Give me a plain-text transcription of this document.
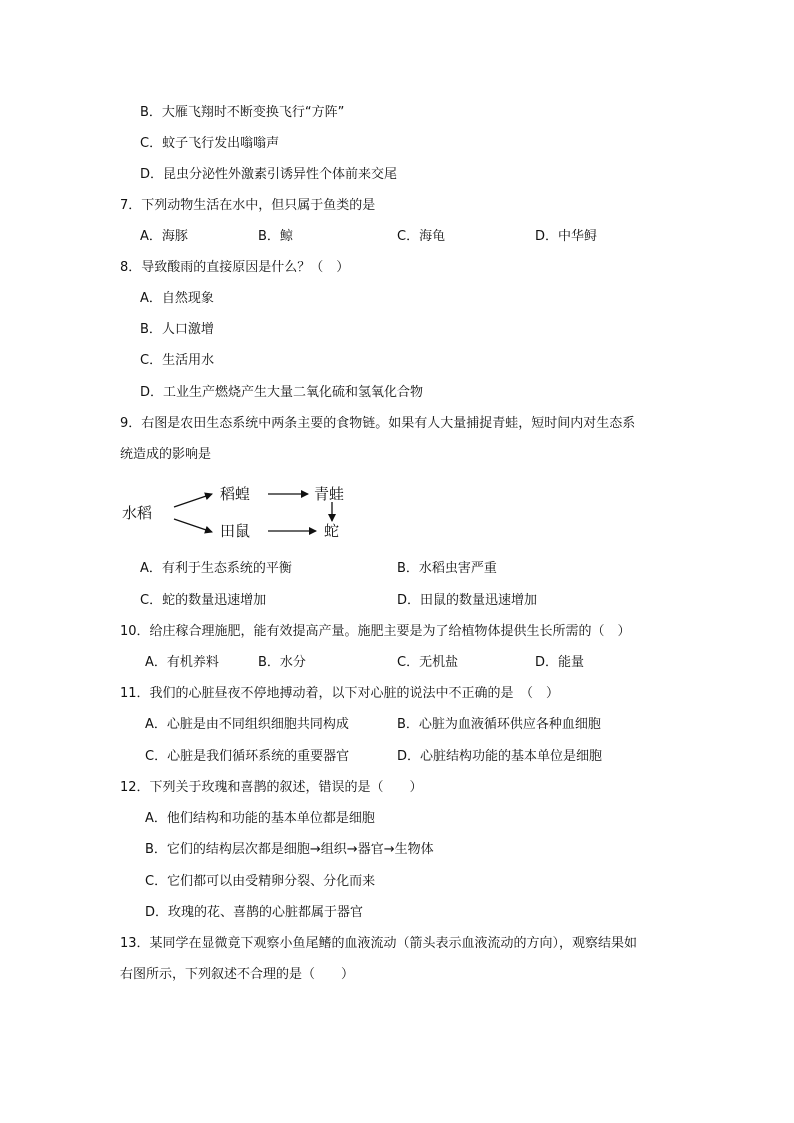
B．大雁飞翔时不断变换飞行“方阵”
C．蚊子飞行发出嗡嗡声
D．昆虫分泌性外激素引诱异性个体前来交尾
7．下列动物生活在水中，但只属于鱼类的是
A．海豚	B．鲸	C．海龟	D．中华鲟
8．导致酸雨的直接原因是什么？（　）
A．自然现象
B．人口激增
C．生活用水
D．工业生产燃烧产生大量二氧化硫和氢氧化合物
9．右图是农田生态系统中两条主要的食物链。如果有人大量捕捉青蛙，短时间内对生态系
统造成的影响是
水稻
稻蝗	青蛙
田鼠	蛇
A．有利于生态系统的平衡	B．水稻虫害严重
C．蛇的数量迅速增加	D．田鼠的数量迅速增加
10．给庄稼合理施肥，能有效提高产量。施肥主要是为了给植物体提供生长所需的（　）
A．有机养料	B．水分	C．无机盐	D．能量
11．我们的心脏昼夜不停地搏动着，以下对心脏的说法中不正确的是　（　）
A．心脏是由不同组织细胞共同构成	B．心脏为血液循环供应各种血细胞
C．心脏是我们循环系统的重要器官	D．心脏结构功能的基本单位是细胞
12．下列关于玫瑰和喜鹊的叙述，错误的是（　　）
A．他们结构和功能的基本单位都是细胞
B．它们的结构层次都是细胞→组织→器官→生物体
C．它们都可以由受精卵分裂、分化而来
D．玫瑰的花、喜鹊的心脏都属于器官
13．某同学在显微竟下观察小鱼尾鳍的血液流动（箭头表示血液流动的方向），观察结果如
右图所示，下列叙述不合理的是（　　）
